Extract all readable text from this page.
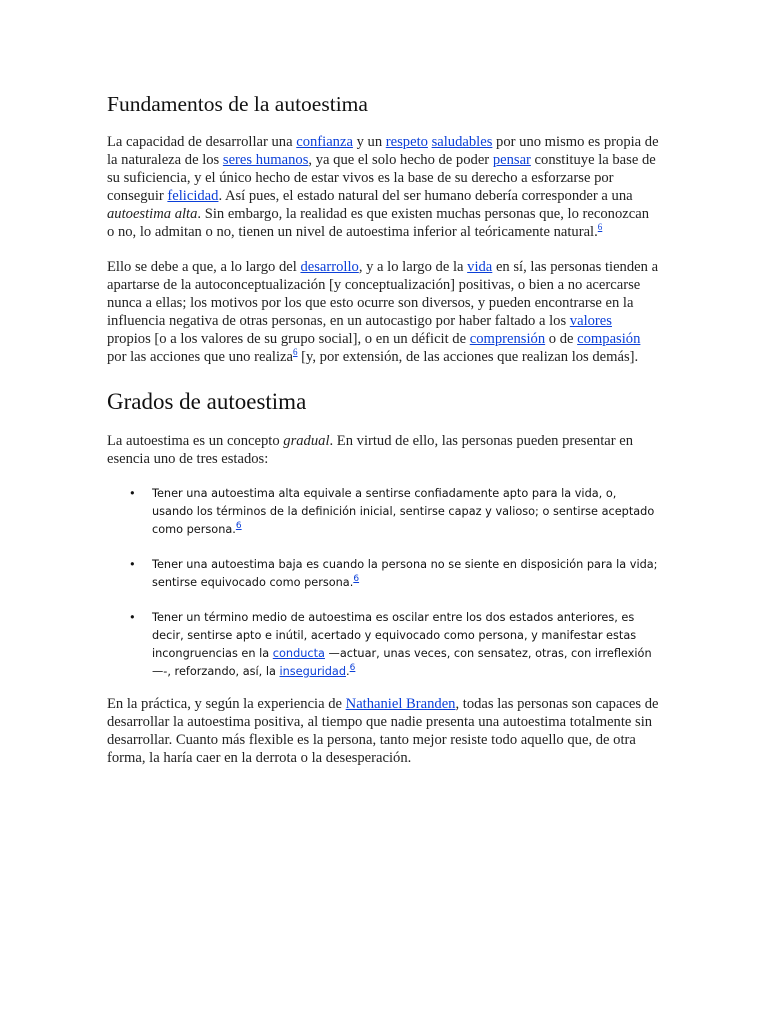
Fundamentos de la autoestima

La capacidad de desarrollar una confianza y un respeto saludables por uno mismo es propia de la naturaleza de los seres humanos, ya que el solo hecho de poder pensar constituye la base de su suficiencia, y el único hecho de estar vivos es la base de su derecho a esforzarse por conseguir felicidad. Así pues, el estado natural del ser humano debería corresponder a una autoestima alta. Sin embargo, la realidad es que existen muchas personas que, lo reconozcan o no, lo admitan o no, tienen un nivel de autoestima inferior al teóricamente natural.$^6$

Ello se debe a que, a lo largo del desarrollo, y a lo largo de la vida en sí, las personas tienden a apartarse de la autoconceptualización [y conceptualización] positivas, o bien a no acercarse nunca a ellas; los motivos por los que esto ocurre son diversos, y pueden encontrarse en la influencia negativa de otras personas, en un autocastigo por haber faltado a los valores propios [o a los valores de su grupo social], o en un déficit de comprensión o de compasión por las acciones que uno realiza$^6$ [y, por extensión, de las acciones que realizan los demás].

Grados de autoestima

La autoestima es un concepto gradual. En virtud de ello, las personas pueden presentar en esencia uno de tres estados:

• Tener una autoestima alta equivale a sentirse confiadamente apto para la vida, o, usando los términos de la definición inicial, sentirse capaz y valioso; o sentirse aceptado como persona.$^6$
• Tener una autoestima baja es cuando la persona no se siente en disposición para la vida; sentirse equivocado como persona.$^6$
• Tener un término medio de autoestima es oscilar entre los dos estados anteriores, es decir, sentirse apto e inútil, acertado y equivocado como persona, y manifestar estas incongruencias en la conducta —actuar, unas veces, con sensatez, otras, con irreflexión—-, reforzando, así, la inseguridad.$^6$

En la práctica, y según la experiencia de Nathaniel Branden, todas las personas son capaces de desarrollar la autoestima positiva, al tiempo que nadie presenta una autoestima totalmente sin desarrollar. Cuanto más flexible es la persona, tanto mejor resiste todo aquello que, de otra forma, la haría caer en la derrota o la desesperación.
